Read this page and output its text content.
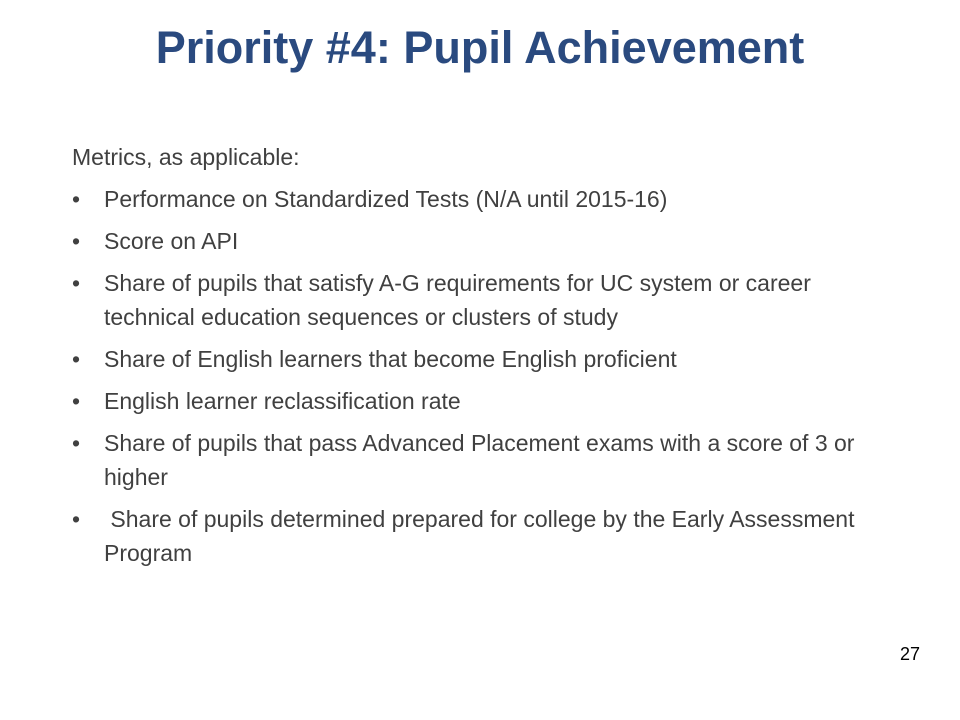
Priority #4: Pupil Achievement

Metrics, as applicable:

• Performance on Standardized Tests (N/A until 2015-16)
• Score on API
• Share of pupils that satisfy A-G requirements for UC system or career technical education sequences or clusters of study
• Share of English learners that become English proficient
• English learner reclassification rate
• Share of pupils that pass Advanced Placement exams with a score of 3 or higher
• Share of pupils determined prepared for college by the Early Assessment Program
27
